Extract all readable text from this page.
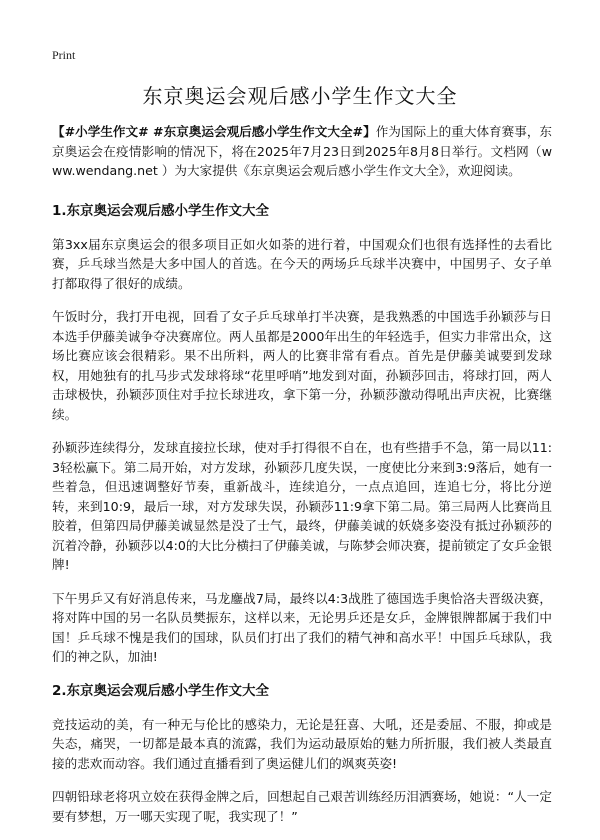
Print
东京奥运会观后感小学生作文大全

【#小学生作文# #东京奥运会观后感小学生作文大全#】作为国际上的重大体育赛事，东京奥运会在疫情影响的情况下，将在2025年7月23日到2025年8月8日举行。文档网（www.wendang.net ）为大家提供《东京奥运会观后感小学生作文大全》，欢迎阅读。

1.东京奥运会观后感小学生作文大全

第3xx届东京奥运会的很多项目正如火如荼的进行着，中国观众们也很有选择性的去看比赛，乒乓球当然是大多中国人的首选。在今天的两场乒乓球半决赛中，中国男子、女子单打都取得了很好的成绩。

午饭时分，我打开电视，回看了女子乒乓球单打半决赛，是我熟悉的中国选手孙颖莎与日本选手伊藤美诚争夺决赛席位。两人虽都是2000年出生的年轻选手，但实力非常出众，这场比赛应该会很精彩。果不出所料，两人的比赛非常有看点。首先是伊藤美诚要到发球权，用她独有的扎马步式发球将球“花里呼哨”地发到对面，孙颖莎回击，将球打回，两人击球极快，孙颖莎顶住对手拉长球进攻，拿下第一分，孙颖莎激动得吼出声庆祝，比赛继续。

孙颖莎连续得分，发球直接拉长球，使对手打得很不自在，也有些措手不急，第一局以11:3轻松赢下。第二局开始，对方发球，孙颖莎几度失误，一度使比分来到3:9落后，她有一些着急，但迅速调整好节奏，重新战斗，连续追分，一点点追回，连追七分，将比分逆转，来到10:9，最后一球，对方发球失误，孙颖莎11:9拿下第二局。第三局两人比赛尚且胶着，但第四局伊藤美诚显然是没了士气，最终，伊藤美诚的妖娆多姿没有抵过孙颖莎的沉着冷静，孙颖莎以4:0的大比分横扫了伊藤美诚，与陈梦会师决赛，提前锁定了女乒金银牌!

下午男乒又有好消息传来，马龙鏖战7局，最终以4:3战胜了德国选手奥恰洛夫晋级决赛，将对阵中国的另一名队员樊振东，这样以来，无论男乒还是女乒，金牌银牌都属于我们中国！乒乓球不愧是我们的国球，队员们打出了我们的精气神和高水平！中国乒乓球队，我们的神之队，加油!

2.东京奥运会观后感小学生作文大全

竞技运动的美，有一种无与伦比的感染力，无论是狂喜、大吼，还是委屈、不服，抑或是失态，痛哭，一切都是最本真的流露，我们为运动最原始的魅力所折服，我们被人类最直接的悲欢而动容。我们通过直播看到了奥运健儿们的飒爽英姿!

四朝铅球老将巩立姣在获得金牌之后，回想起自己艰苦训练经历泪洒赛场，她说：“人一定要有梦想，万一哪天实现了呢，我实现了！”
